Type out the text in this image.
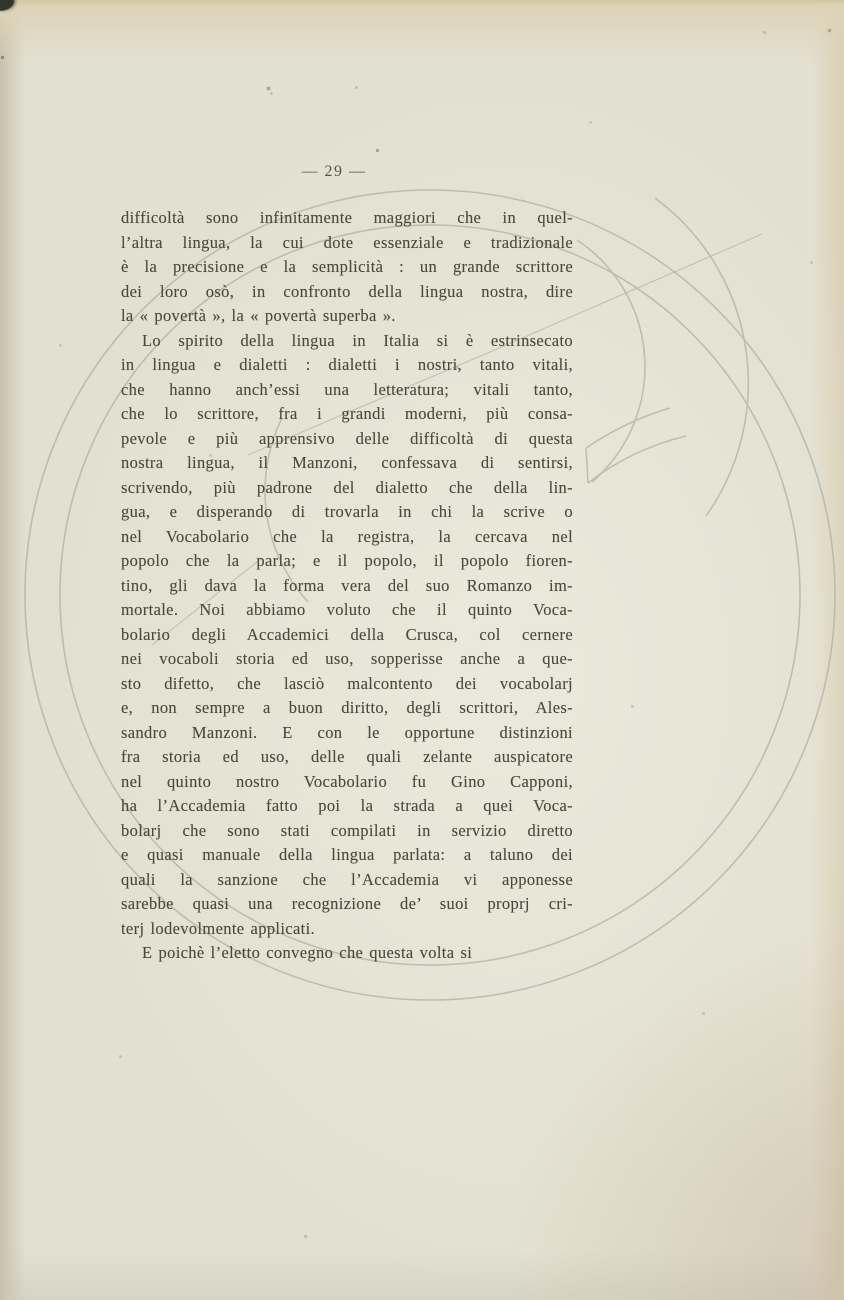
— 29 —
difficoltà sono infinitamente maggiori che in quel-
l’altra lingua, la cui dote essenziale e tradizionale
è la precisione e la semplicità : un grande scrittore
dei loro osò, in confronto della lingua nostra, dire
la « povertà », la « povertà superba ».
Lo spirito della lingua in Italia si è estrinsecato
in lingua e dialetti : dialetti i nostri, tanto vitali,
che hanno anch’essi una letteratura; vitali tanto,
che lo scrittore, fra i grandi moderni, più consa-
pevole e più apprensivo delle difficoltà di questa
nostra lingua, il Manzoni, confessava di sentirsi,
scrivendo, più padrone del dialetto che della lin-
gua, e disperando di trovarla in chi la scrive o
nel Vocabolario che la registra, la cercava nel
popolo che la parla; e il popolo, il popolo fioren-
tino, gli dava la forma vera del suo Romanzo im-
mortale. Noi abbiamo voluto che il quinto Voca-
bolario degli Accademici della Crusca, col cernere
nei vocaboli storia ed uso, sopperisse anche a que-
sto difetto, che lasciò malcontento dei vocabolarj
e, non sempre a buon diritto, degli scrittori, Ales-
sandro Manzoni. E con le opportune distinzioni
fra storia ed uso, delle quali zelante auspicatore
nel quinto nostro Vocabolario fu Gino Capponi,
ha l’Accademia fatto poi la strada a quei Voca-
bolarj che sono stati compilati in servizio diretto
e quasi manuale della lingua parlata: a taluno dei
quali la sanzione che l’Accademia vi apponesse
sarebbe quasi una recognizione de’ suoi proprj cri-
terj lodevolmente applicati.
E poichè l’eletto convegno che questa volta si
